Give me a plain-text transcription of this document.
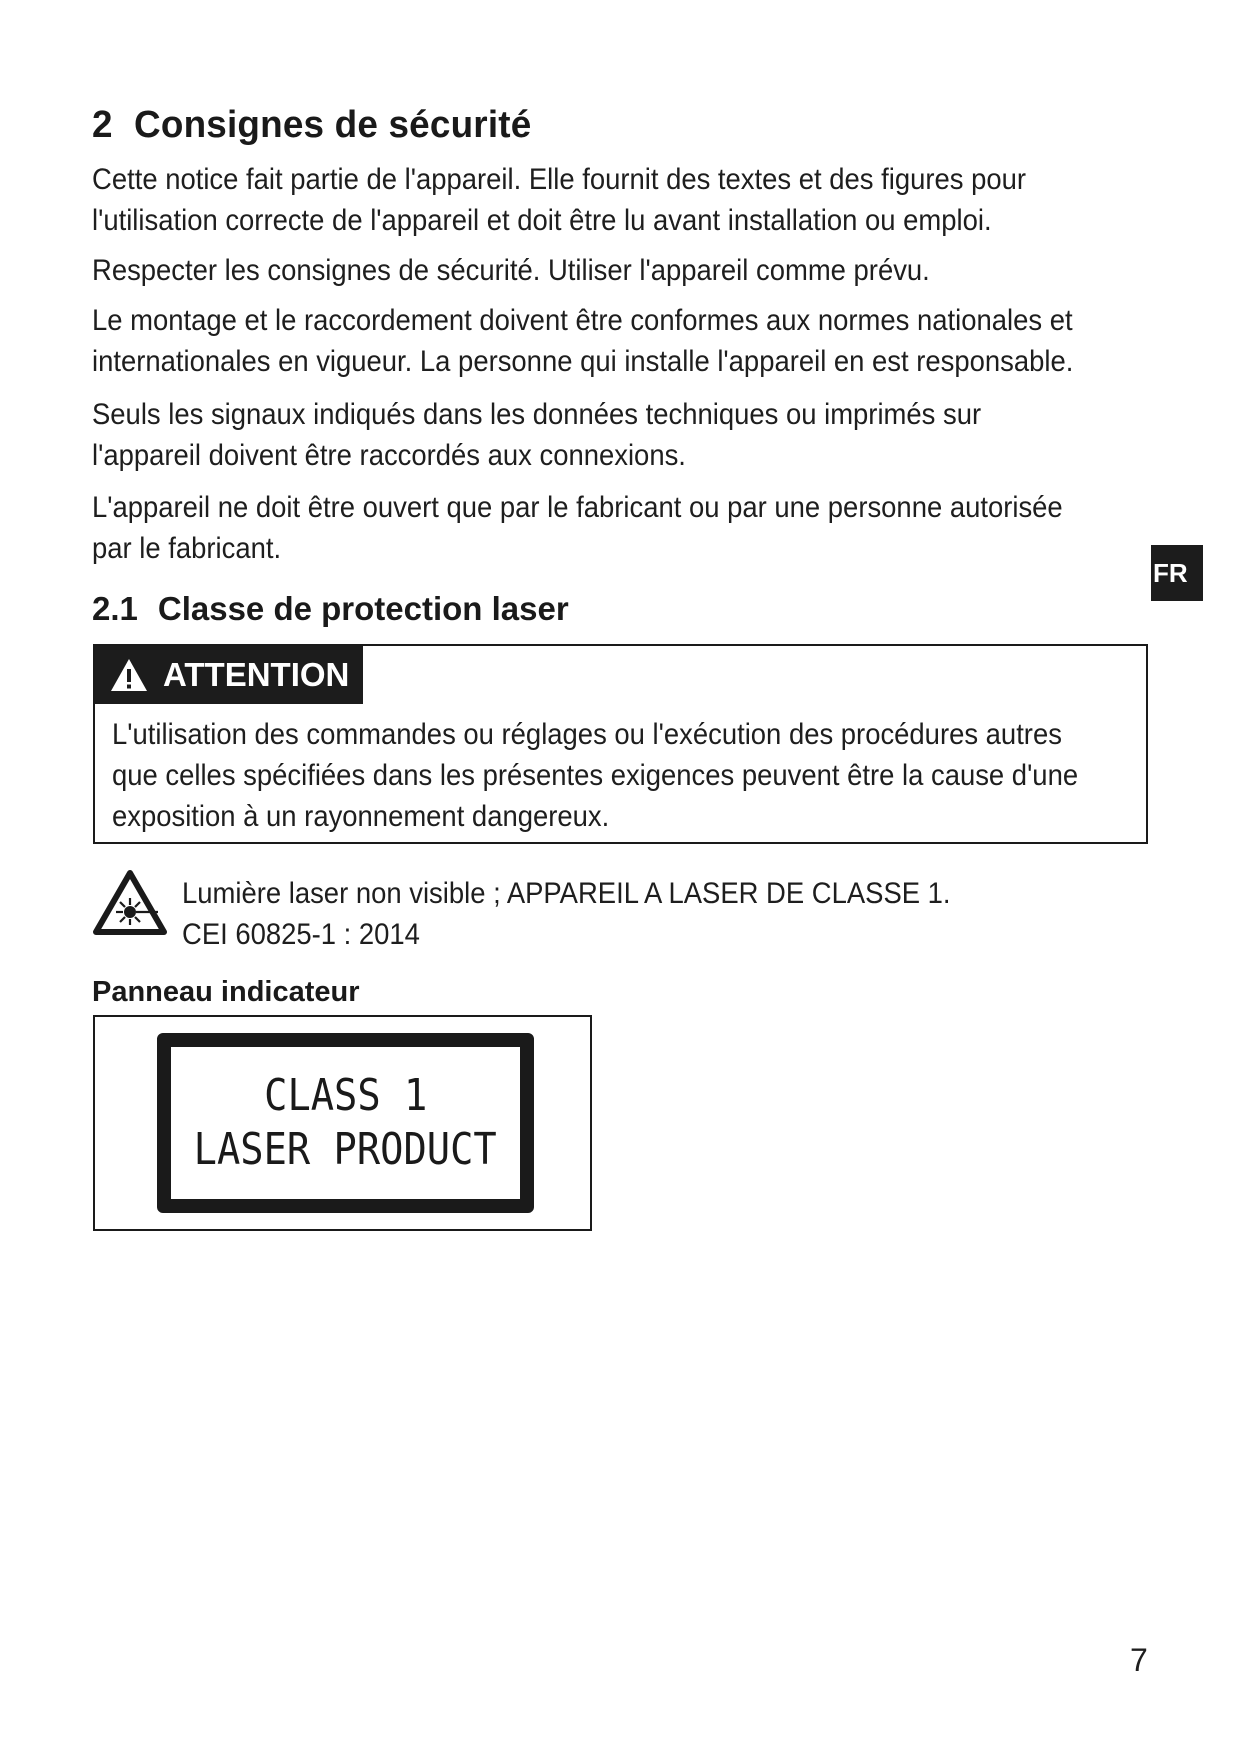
2 Consignes de sécurité
Cette notice fait partie de l'appareil. Elle fournit des textes et des figures pour
l'utilisation correcte de l'appareil et doit être lu avant installation ou emploi.
Respecter les consignes de sécurité. Utiliser l'appareil comme prévu.
Le montage et le raccordement doivent être conformes aux normes nationales et
internationales en vigueur. La personne qui installe l'appareil en est responsable.
Seuls les signaux indiqués dans les données techniques ou imprimés sur
l'appareil doivent être raccordés aux connexions.
L'appareil ne doit être ouvert que par le fabricant ou par une personne autorisée
par le fabricant.
FR
2.1 Classe de protection laser
ATTENTION
L'utilisation des commandes ou réglages ou l'exécution des procédures autres
que celles spécifiées dans les présentes exigences peuvent être la cause d'une
exposition à un rayonnement dangereux.
Lumière laser non visible ; APPAREIL A LASER DE CLASSE 1.
CEI 60825-1 : 2014
Panneau indicateur
CLASS 1
LASER PRODUCT
7
